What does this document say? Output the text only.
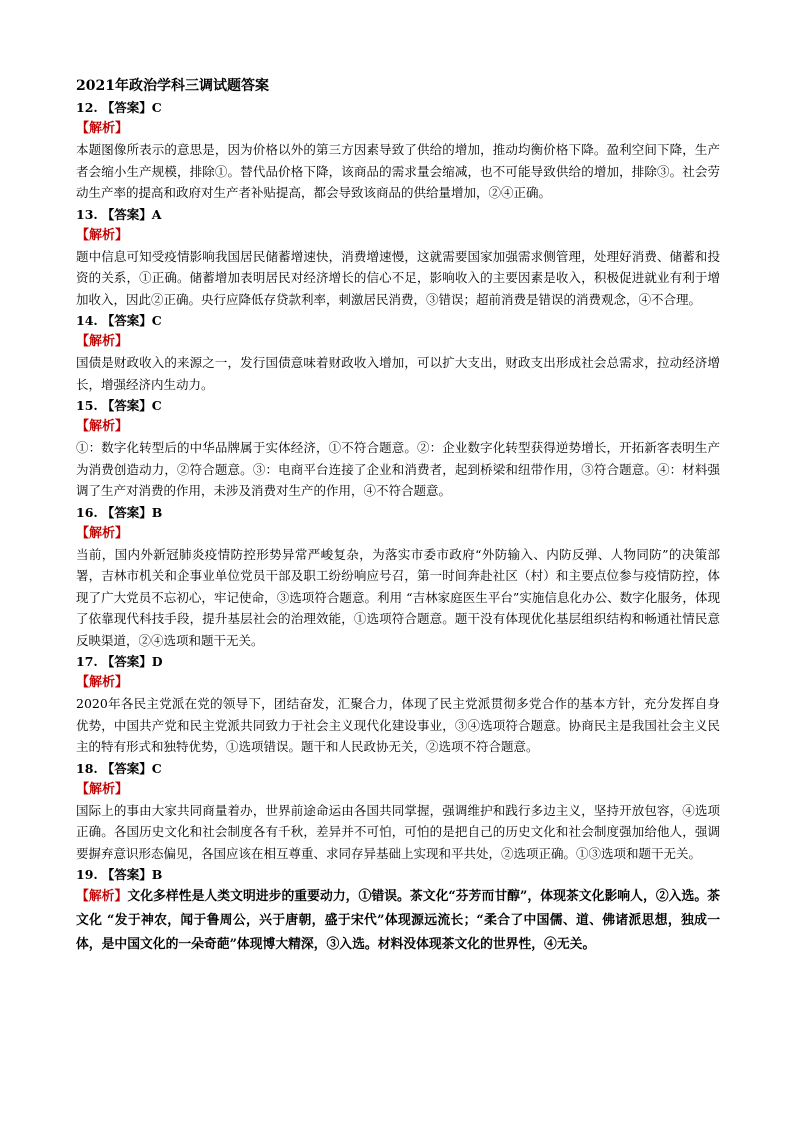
2021年政治学科三调试题答案
12. 【答案】C
【解析】

本题图像所表示的意思是，因为价格以外的第三方因素导致了供给的增加，推动均衡价格下降。盈利空间下降，生产者会缩小生产规模，排除①。替代品价格下降，该商品的需求量会缩减，也不可能导致供给的增加，排除③。社会劳动生产率的提高和政府对生产者补贴提高，都会导致该商品的供给量增加，②④正确。

13. 【答案】A
【解析】

题中信息可知受疫情影响我国居民储蓄增速快，消费增速慢，这就需要国家加强需求侧管理，处理好消费、储蓄和投资的关系，①正确。储蓄增加表明居民对经济增长的信心不足，影响收入的主要因素是收入，积极促进就业有利于增加收入，因此②正确。央行应降低存贷款利率，刺激居民消费，③错误；超前消费是错误的消费观念，④不合理。

14. 【答案】C
【解析】

国债是财政收入的来源之一，发行国债意味着财政收入增加，可以扩大支出，财政支出形成社会总需求，拉动经济增长，增强经济内生动力。

15. 【答案】C
【解析】

①：数字化转型后的中华品牌属于实体经济，①不符合题意。②：企业数字化转型获得逆势增长，开拓新客表明生产为消费创造动力，②符合题意。③：电商平台连接了企业和消费者，起到桥梁和纽带作用，③符合题意。④：材料强调了生产对消费的作用，未涉及消费对生产的作用，④不符合题意。

16. 【答案】B
【解析】

当前，国内外新冠肺炎疫情防控形势异常严峻复杂，为落实市委市政府“外防输入、内防反弹、人物同防”的决策部署，吉林市机关和企事业单位党员干部及职工纷纷响应号召，第一时间奔赴社区（村）和主要点位参与疫情防控，体现了广大党员不忘初心，牢记使命，③选项符合题意。利用 “吉林家庭医生平台”实施信息化办公、数字化服务，体现了依靠现代科技手段，提升基层社会的治理效能，①选项符合题意。题干没有体现优化基层组织结构和畅通社情民意反映渠道，②④选项和题干无关。

17. 【答案】D
【解析】

2020年各民主党派在党的领导下，团结奋发，汇聚合力，体现了民主党派贯彻多党合作的基本方针，充分发挥自身优势，中国共产党和民主党派共同致力于社会主义现代化建设事业，③④选项符合题意。协商民主是我国社会主义民主的特有形式和独特优势，①选项错误。题干和人民政协无关，②选项不符合题意。

18. 【答案】C
【解析】

国际上的事由大家共同商量着办，世界前途命运由各国共同掌握，强调维护和践行多边主义，坚持开放包容，④选项正确。各国历史文化和社会制度各有千秋，差异并不可怕，可怕的是把自己的历史文化和社会制度强加给他人，强调要摒弃意识形态偏见，各国应该在相互尊重、求同存异基础上实现和平共处，②选项正确。①③选项和题干无关。

19. 【答案】B
【解析】文化多样性是人类文明进步的重要动力，①错误。茶文化“芬芳而甘醇”，体现茶文化影响人，②入选。茶文化 “发于神农，闻于鲁周公，兴于唐朝，盛于宋代”体现源远流长；“柔合了中国儒、道、佛诸派思想，独成一体，是中国文化的一朵奇葩”体现博大精深，③入选。材料没体现茶文化的世界性，④无关。
